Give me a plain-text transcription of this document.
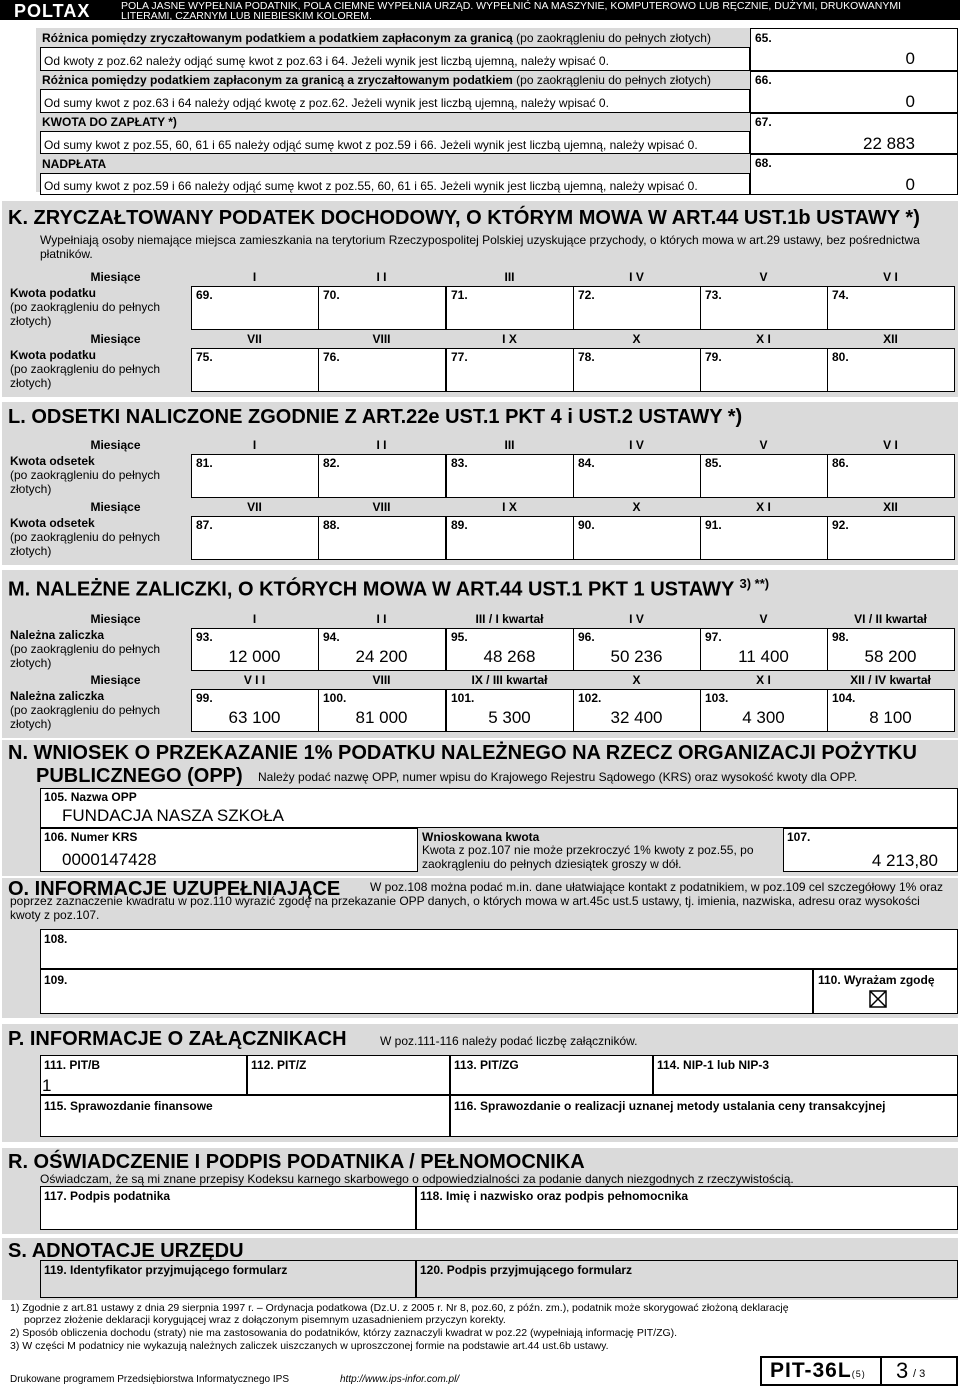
POLTAX	POLA JASNE WYPEŁNIA PODATNIK, POLA CIEMNE WYPEŁNIA URZĄD. WYPEŁNIĆ NA MASZYNIE, KOMPUTEROWO LUB RĘCZNIE, DUŻYMI, DRUKOWANYMI LITERAMI, CZARNYM LUB NIEBIESKIM KOLOREM.
Różnica pomiędzy zryczałtowanym podatkiem a podatkiem zapłaconym za granicą (po zaokrągleniu do pełnych złotych)
Od kwoty z poz.62 należy odjąć sumę kwot z poz.63 i 64. Jeżeli wynik jest liczbą ujemną, należy wpisać 0.
65.
0
Różnica pomiędzy podatkiem zapłaconym za granicą a zryczałtowanym podatkiem (po zaokrągleniu do pełnych złotych)
Od sumy kwot z poz.63 i 64 należy odjąć kwotę z poz.62. Jeżeli wynik jest liczbą ujemną, należy wpisać 0.
66.
0
KWOTA DO ZAPŁATY *)
Od sumy kwot z poz.55, 60, 61 i 65 należy odjąć sumę kwot z poz.59 i 66. Jeżeli wynik jest liczbą ujemną, należy wpisać 0.
67.
22 883
NADPŁATA
Od sumy kwot z poz.59 i 66 należy odjąć sumę kwot z poz.55, 60, 61 i 65. Jeżeli wynik jest liczbą ujemną, należy wpisać 0.
68.
0
K. ZRYCZAŁTOWANY PODATEK DOCHODOWY, O KTÓRYM MOWA W ART.44 UST.1b USTAWY *)
Wypełniają osoby niemające miejsca zamieszkania na terytorium Rzeczypospolitej Polskiej uzyskujące przychody, o których mowa w art.29 ustawy, bez pośrednictwa płatników.
Miesiące	I	I I	III	I V	V	V I
Kwota podatku
(po zaokrągleniu do pełnych złotych)
69.	70.	71.	72.	73.	74.
Miesiące	VII	VIII	I X	X	X I	XII
Kwota podatku
(po zaokrągleniu do pełnych złotych)
75.	76.	77.	78.	79.	80.
L. ODSETKI NALICZONE ZGODNIE Z ART.22e UST.1 PKT 4 i UST.2 USTAWY *)
Miesiące	I	I I	III	I V	V	V I
Kwota odsetek
(po zaokrągleniu do pełnych złotych)
81.	82.	83.	84.	85.	86.
Miesiące	VII	VIII	I X	X	X I	XII
Kwota odsetek
(po zaokrągleniu do pełnych złotych)
87.	88.	89.	90.	91.	92.
M. NALEŻNE ZALICZKI, O KTÓRYCH MOWA W ART.44 UST.1 PKT 1 USTAWY $^{3) **)}$
Miesiące	I	I I	III / I kwartał	I V	V	VI / II kwartał
Należna zaliczka
(po zaokrągleniu do pełnych złotych)
93.
12 000
94.
24 200
95.
48 268
96.
50 236
97.
11 400
98.
58 200
Miesiące	V I I	VIII	IX / III kwartał	X	X I	XII / IV kwartał
Należna zaliczka
(po zaokrągleniu do pełnych złotych)
99.
63 100
100.
81 000
101.
5 300
102.
32 400
103.
4 300
104.
8 100
N. WNIOSEK O PRZEKAZANIE 1% PODATKU NALEŻNEGO NA RZECZ ORGANIZACJI POŻYTKU
PUBLICZNEGO (OPP) Należy podać nazwę OPP, numer wpisu do Krajowego Rejestru Sądowego (KRS) oraz wysokość kwoty dla OPP.
105. Nazwa OPP
FUNDACJA NASZA SZKOŁA
106. Numer KRS
0000147428
Wnioskowana kwota
Kwota z poz.107 nie może przekroczyć 1% kwoty z poz.55, po zaokrągleniu do pełnych dziesiątek groszy w dół.
107.
4 213,80
W poz.108 można podać m.in. dane ułatwiające kontakt z podatnikiem, w poz.109 cel szczegółowy 1% oraz poprzez zaznaczenie kwadratu w poz.110 wyrazić zgodę na przekazanie OPP danych, o których mowa w art.45c ust.5 ustawy, tj. imienia, nazwiska, adresu oraz wysokości kwoty z poz.107.
O. INFORMACJE UZUPEŁNIAJĄCE
108.
109.	110. Wyrażam zgodę
P. INFORMACJE O ZAŁĄCZNIKACH	W poz.111-116 należy podać liczbę załączników.
111. PIT/B
1
112. PIT/Z	113. PIT/ZG	114. NIP-1 lub NIP-3
115. Sprawozdanie finansowe	116. Sprawozdanie o realizacji uznanej metody ustalania ceny transakcyjnej
R. OŚWIADCZENIE I PODPIS PODATNIKA / PEŁNOMOCNIKA
Oświadczam, że są mi znane przepisy Kodeksu karnego skarbowego o odpowiedzialności za podanie danych niezgodnych z rzeczywistością.
117. Podpis podatnika	118. Imię i nazwisko oraz podpis pełnomocnika
S. ADNOTACJE URZĘDU
119. Identyfikator przyjmującego formularz	120. Podpis przyjmującego formularz
1) Zgodnie z art.81 ustawy z dnia 29 sierpnia 1997 r. – Ordynacja podatkowa (Dz.U. z 2005 r. Nr 8, poz.60, z późn. zm.), podatnik może skorygować złożoną deklarację
poprzez złożenie deklaracji korygującej wraz z dołączonym pisemnym uzasadnieniem przyczyn korekty.
2) Sposób obliczenia dochodu (straty) nie ma zastosowania do podatników, którzy zaznaczyli kwadrat w poz.22 (wypełniają informację PIT/ZG).
3) W części M podatnicy nie wykazują należnych zaliczek uiszczanych w uproszczonej formie na podstawie art.44 ust.6b ustawy.
Drukowane programem Przedsiębiorstwa Informatycznego IPS	http://www.ips-infor.com.pl/	PIT-36L(5) 3 / 3
